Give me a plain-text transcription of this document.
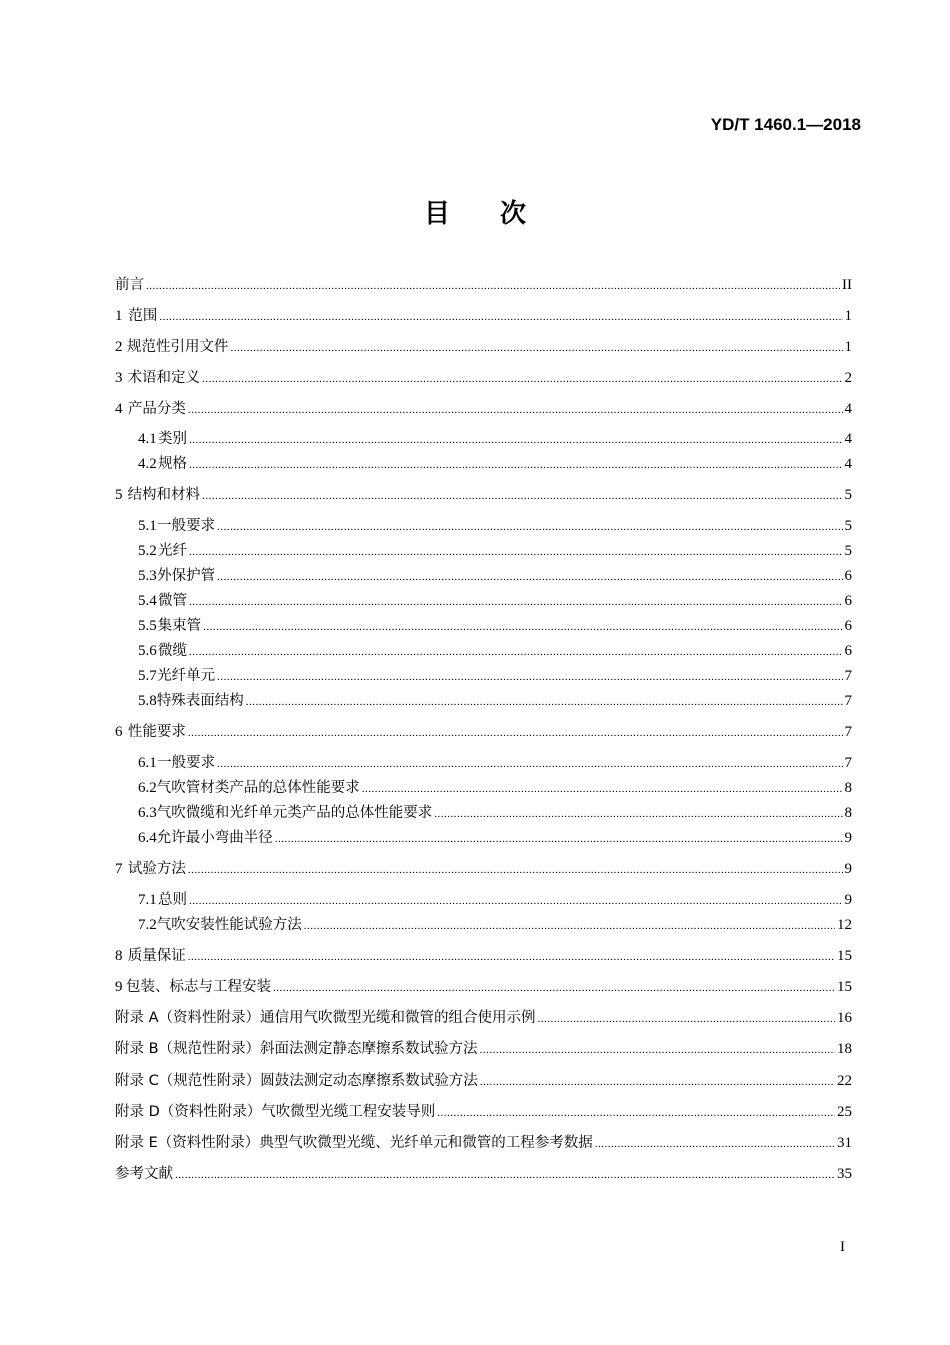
YD/T 1460.1—2018
目次
前言 .....	II
1 范围 .....	1
2 规范性引用文件 .....	1
3 术语和定义 .....	2
4 产品分类 .....	4
4.1 类别 .....	4
4.2 规格 .....	4
5 结构和材料 .....	5
5.1 一般要求 .....	5
5.2 光纤 .....	5
5.3 外保护管 .....	6
5.4 微管 .....	6
5.5 集束管 .....	6
5.6 微缆 .....	6
5.7 光纤单元 .....	7
5.8 特殊表面结构 .....	7
6 性能要求 .....	7
6.1 一般要求 .....	7
6.2 气吹管材类产品的总体性能要求 .....	8
6.3 气吹微缆和光纤单元类产品的总体性能要求 .....	8
6.4 允许最小弯曲半径 .....	9
7 试验方法 .....	9
7.1 总则 .....	9
7.2 气吹安装性能试验方法 .....	12
8 质量保证 .....	15
9 包装、标志与工程安装 .....	15
附录 A（资料性附录）通信用气吹微型光缆和微管的组合使用示例 .....	16
附录 B（规范性附录）斜面法测定静态摩擦系数试验方法 .....	18
附录 C（规范性附录）圆鼓法测定动态摩擦系数试验方法 .....	22
附录 D（资料性附录）气吹微型光缆工程安装导则 .....	25
附录 E（资料性附录）典型气吹微型光缆、光纤单元和微管的工程参考数据 .....	31
参考文献 .....	35
I
